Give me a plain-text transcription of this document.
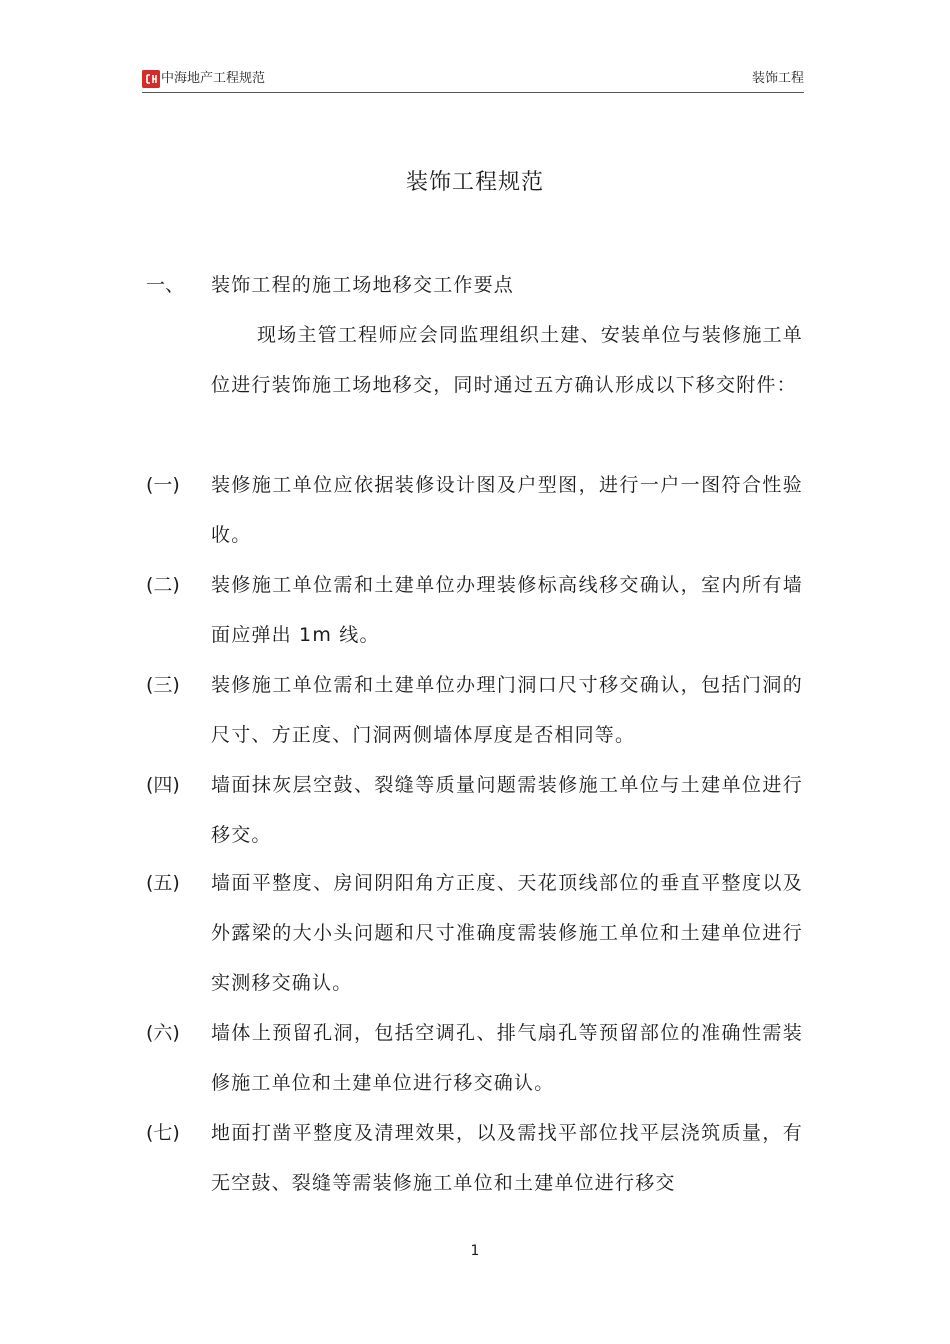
中海地产工程规范	装饰工程
装饰工程规范
一、 装饰工程的施工场地移交工作要点
现场主管工程师应会同监理组织土建、安装单位与装修施工单位进行装饰施工场地移交，同时通过五方确认形成以下移交附件：
(一) 装修施工单位应依据装修设计图及户型图，进行一户一图符合性验收。
(二) 装修施工单位需和土建单位办理装修标高线移交确认，室内所有墙面应弹出 1m 线。
(三) 装修施工单位需和土建单位办理门洞口尺寸移交确认，包括门洞的尺寸、方正度、门洞两侧墙体厚度是否相同等。
(四) 墙面抹灰层空鼓、裂缝等质量问题需装修施工单位与土建单位进行移交。
(五) 墙面平整度、房间阴阳角方正度、天花顶线部位的垂直平整度以及外露梁的大小头问题和尺寸准确度需装修施工单位和土建单位进行实测移交确认。
(六) 墙体上预留孔洞，包括空调孔、排气扇孔等预留部位的准确性需装修施工单位和土建单位进行移交确认。
(七) 地面打凿平整度及清理效果，以及需找平部位找平层浇筑质量，有无空鼓、裂缝等需装修施工单位和土建单位进行移交
1
